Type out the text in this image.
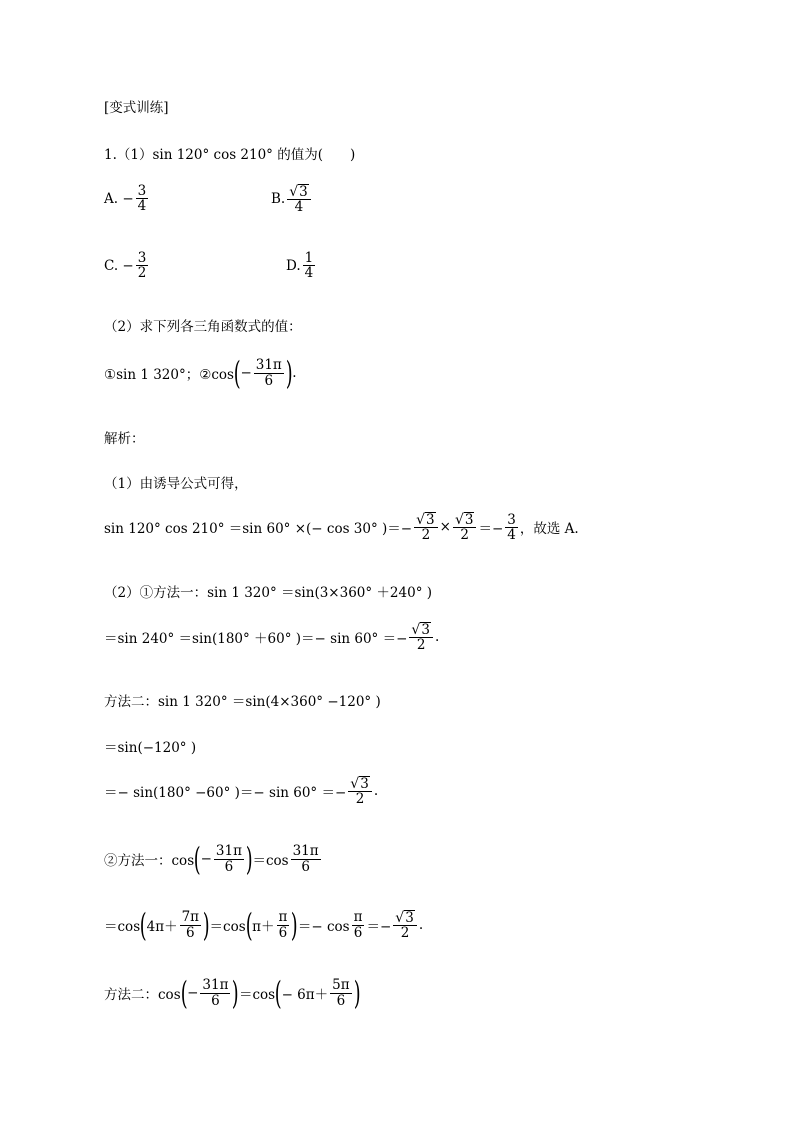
[变式训练]
1.（1）sin 120° cos 210° 的值为(　　)
A. − $\frac{3}{4}$	B. $\frac{√ 3}{4}$
C. − $\frac{3}{2}$	D. $\frac{1}{4}$
（2）求下列各三角函数式的值：
①sin 1 320°；②cos ( − $\frac{31\pi}{6}$ ) .
解析：
（1）由诱导公式可得，
sin 120° cos 210° ＝sin 60° ×(− cos 30° )＝− $\frac{√ 3}{2} \times \frac{√ 3}{2} =- \frac{3}{4}$ ，故选 A.
（2）①方法一：sin 1 320° ＝sin(3×360° ＋240° )
＝sin 240° ＝sin(180° ＋60° )＝− $\sin 60^\circ =- \frac{√ 3}{2}$ .
方法二：sin 1 320° ＝sin(4×360° −120° )
＝sin(−120° )
＝− sin(180° −60° )＝− $\sin 60^\circ =- \frac{√ 3}{2}$ .
②方法一：cos ( − $\frac{31\pi}{6}$ ) $=\cos \frac{31\pi}{6}$
＝cos ( $4\pi+ \frac{7\pi}{6}$ ) ＝cos ( $\pi+ \frac{\pi}{6}$ ) ＝− $\cos \frac{\pi}{6} =- \frac{√ 3}{2}$ .
方法二：cos ( − $\frac{31\pi}{6}$ ) ＝cos ( − $6\pi+ \frac{5\pi}{6}$ )
